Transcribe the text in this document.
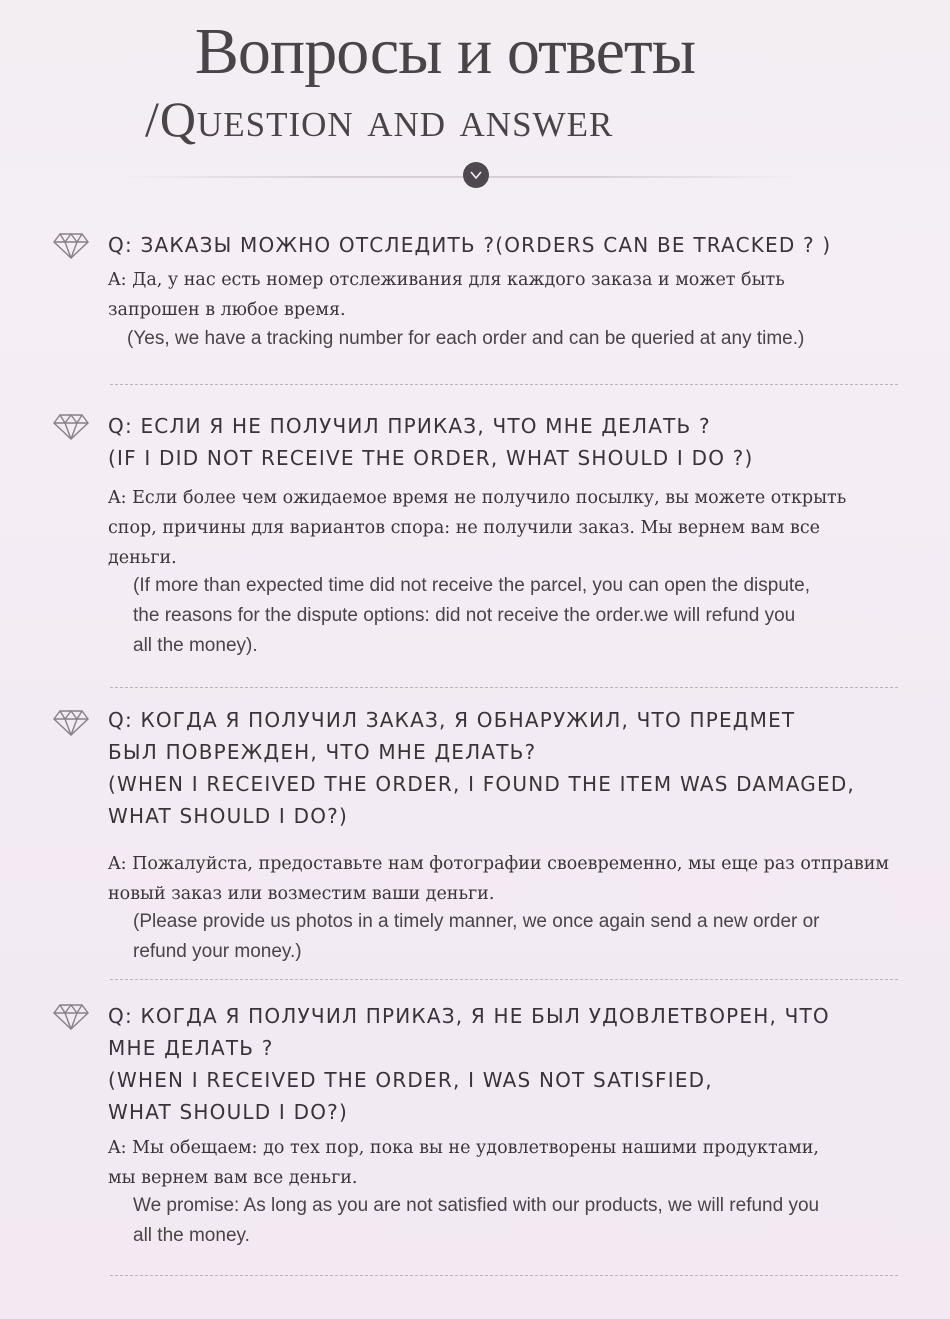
Вопросы и ответы
/Question and answer
Q: ЗАКАЗЫ МОЖНО ОТСЛЕДИТЬ ?(ORDERS CAN BE TRACKED ? )
A: Да, у нас есть номер отслеживания для каждого заказа и может быть
запрошен в любое время.
(Yes, we have a tracking number for each order and can be queried at any time.)
Q: ЕСЛИ Я НЕ ПОЛУЧИЛ ПРИКАЗ, ЧТО МНЕ ДЕЛАТЬ ?
(IF I DID NOT RECEIVE THE ORDER, WHAT SHOULD I DO ?)
A: Если более чем ожидаемое время не получило посылку, вы можете открыть
спор, причины для вариантов спора: не получили заказ. Мы вернем вам все
деньги.
(If more than expected time did not receive the parcel, you can open the dispute,
the reasons for the dispute options: did not receive the order.we will refund you
all the money).
Q: КОГДА Я ПОЛУЧИЛ ЗАКАЗ, Я ОБНАРУЖИЛ, ЧТО ПРЕДМЕТ
БЫЛ ПОВРЕЖДЕН, ЧТО МНЕ ДЕЛАТЬ?
(WHEN I RECEIVED THE ORDER, I FOUND THE ITEM WAS DAMAGED,
WHAT SHOULD I DO?)
A: Пожалуйста, предоставьте нам фотографии своевременно, мы еще раз отправим
новый заказ или возместим ваши деньги.
(Please provide us photos in a timely manner, we once again send a new order or
refund your money.)
Q: КОГДА Я ПОЛУЧИЛ ПРИКАЗ, Я НЕ БЫЛ УДОВЛЕТВОРЕН, ЧТО
МНЕ ДЕЛАТЬ ?
(WHEN I RECEIVED THE ORDER, I WAS NOT SATISFIED,
WHAT SHOULD I DO?)
A: Мы обещаем: до тех пор, пока вы не удовлетворены нашими продуктами,
мы вернем вам все деньги.
We promise: As long as you are not satisfied with our products, we will refund you
all the money.
